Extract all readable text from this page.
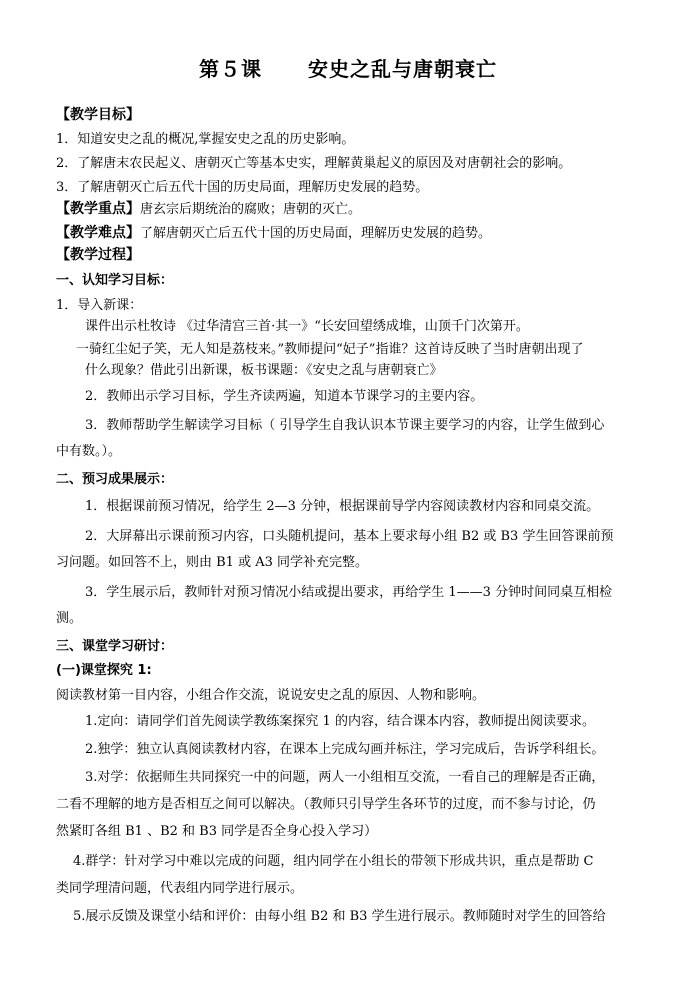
第５课 安史之乱与唐朝衰亡
【教学目标】
1．知道安史之乱的概况,掌握安史之乱的历史影响。
2．了解唐末农民起义、唐朝灭亡等基本史实，理解黄巢起义的原因及对唐朝社会的影响。
3．了解唐朝灭亡后五代十国的历史局面，理解历史发展的趋势。
【教学重点】唐玄宗后期统治的腐败；唐朝的灭亡。
【教学难点】了解唐朝灭亡后五代十国的历史局面，理解历史发展的趋势。
【教学过程】
一、认知学习目标：
1．导入新课：
课件出示杜牧诗 《过华清宫三首·其一》“长安回望绣成堆，山顶千门次第开。
一骑红尘妃子笑，无人知是荔枝来。”教师提问“妃子”指谁？这首诗反映了当时唐朝出现了
什么现象？借此引出新课，板书课题：《安史之乱与唐朝衰亡》
2．教师出示学习目标，学生齐读两遍，知道本节课学习的主要内容。
3．教师帮助学生解读学习目标（ 引导学生自我认识本节课主要学习的内容，让学生做到心
中有数。）。
二、预习成果展示：
1．根据课前预习情况，给学生 2—3 分钟，根据课前导学内容阅读教材内容和同桌交流。
2．大屏幕出示课前预习内容，口头随机提问，基本上要求每小组 B2 或 B3 学生回答课前预
习问题。如回答不上，则由 B1 或 A3 同学补充完整。
3．学生展示后，教师针对预习情况小结或提出要求，再给学生 1——3 分钟时间同桌互相检
测。
三、课堂学习研讨：
(一)课堂探究 1:
阅读教材第一目内容，小组合作交流，说说安史之乱的原因、人物和影响。
1.定向：请同学们首先阅读学教练案探究 1 的内容，结合课本内容，教师提出阅读要求。
2.独学：独立认真阅读教材内容，在课本上完成勾画并标注，学习完成后，告诉学科组长。
3.对学：依据师生共同探究一中的问题，两人一小组相互交流，一看自己的理解是否正确，
二看不理解的地方是否相互之间可以解决。（教师只引导学生各环节的过度，而不参与讨论，仍
然紧盯各组 B1 、B2 和 B3 同学是否全身心投入学习）
4.群学：针对学习中难以完成的问题，组内同学在小组长的带领下形成共识，重点是帮助 C
类同学理清问题，代表组内同学进行展示。
5.展示反馈及课堂小结和评价：由每小组 B2 和 B3 学生进行展示。教师随时对学生的回答给
